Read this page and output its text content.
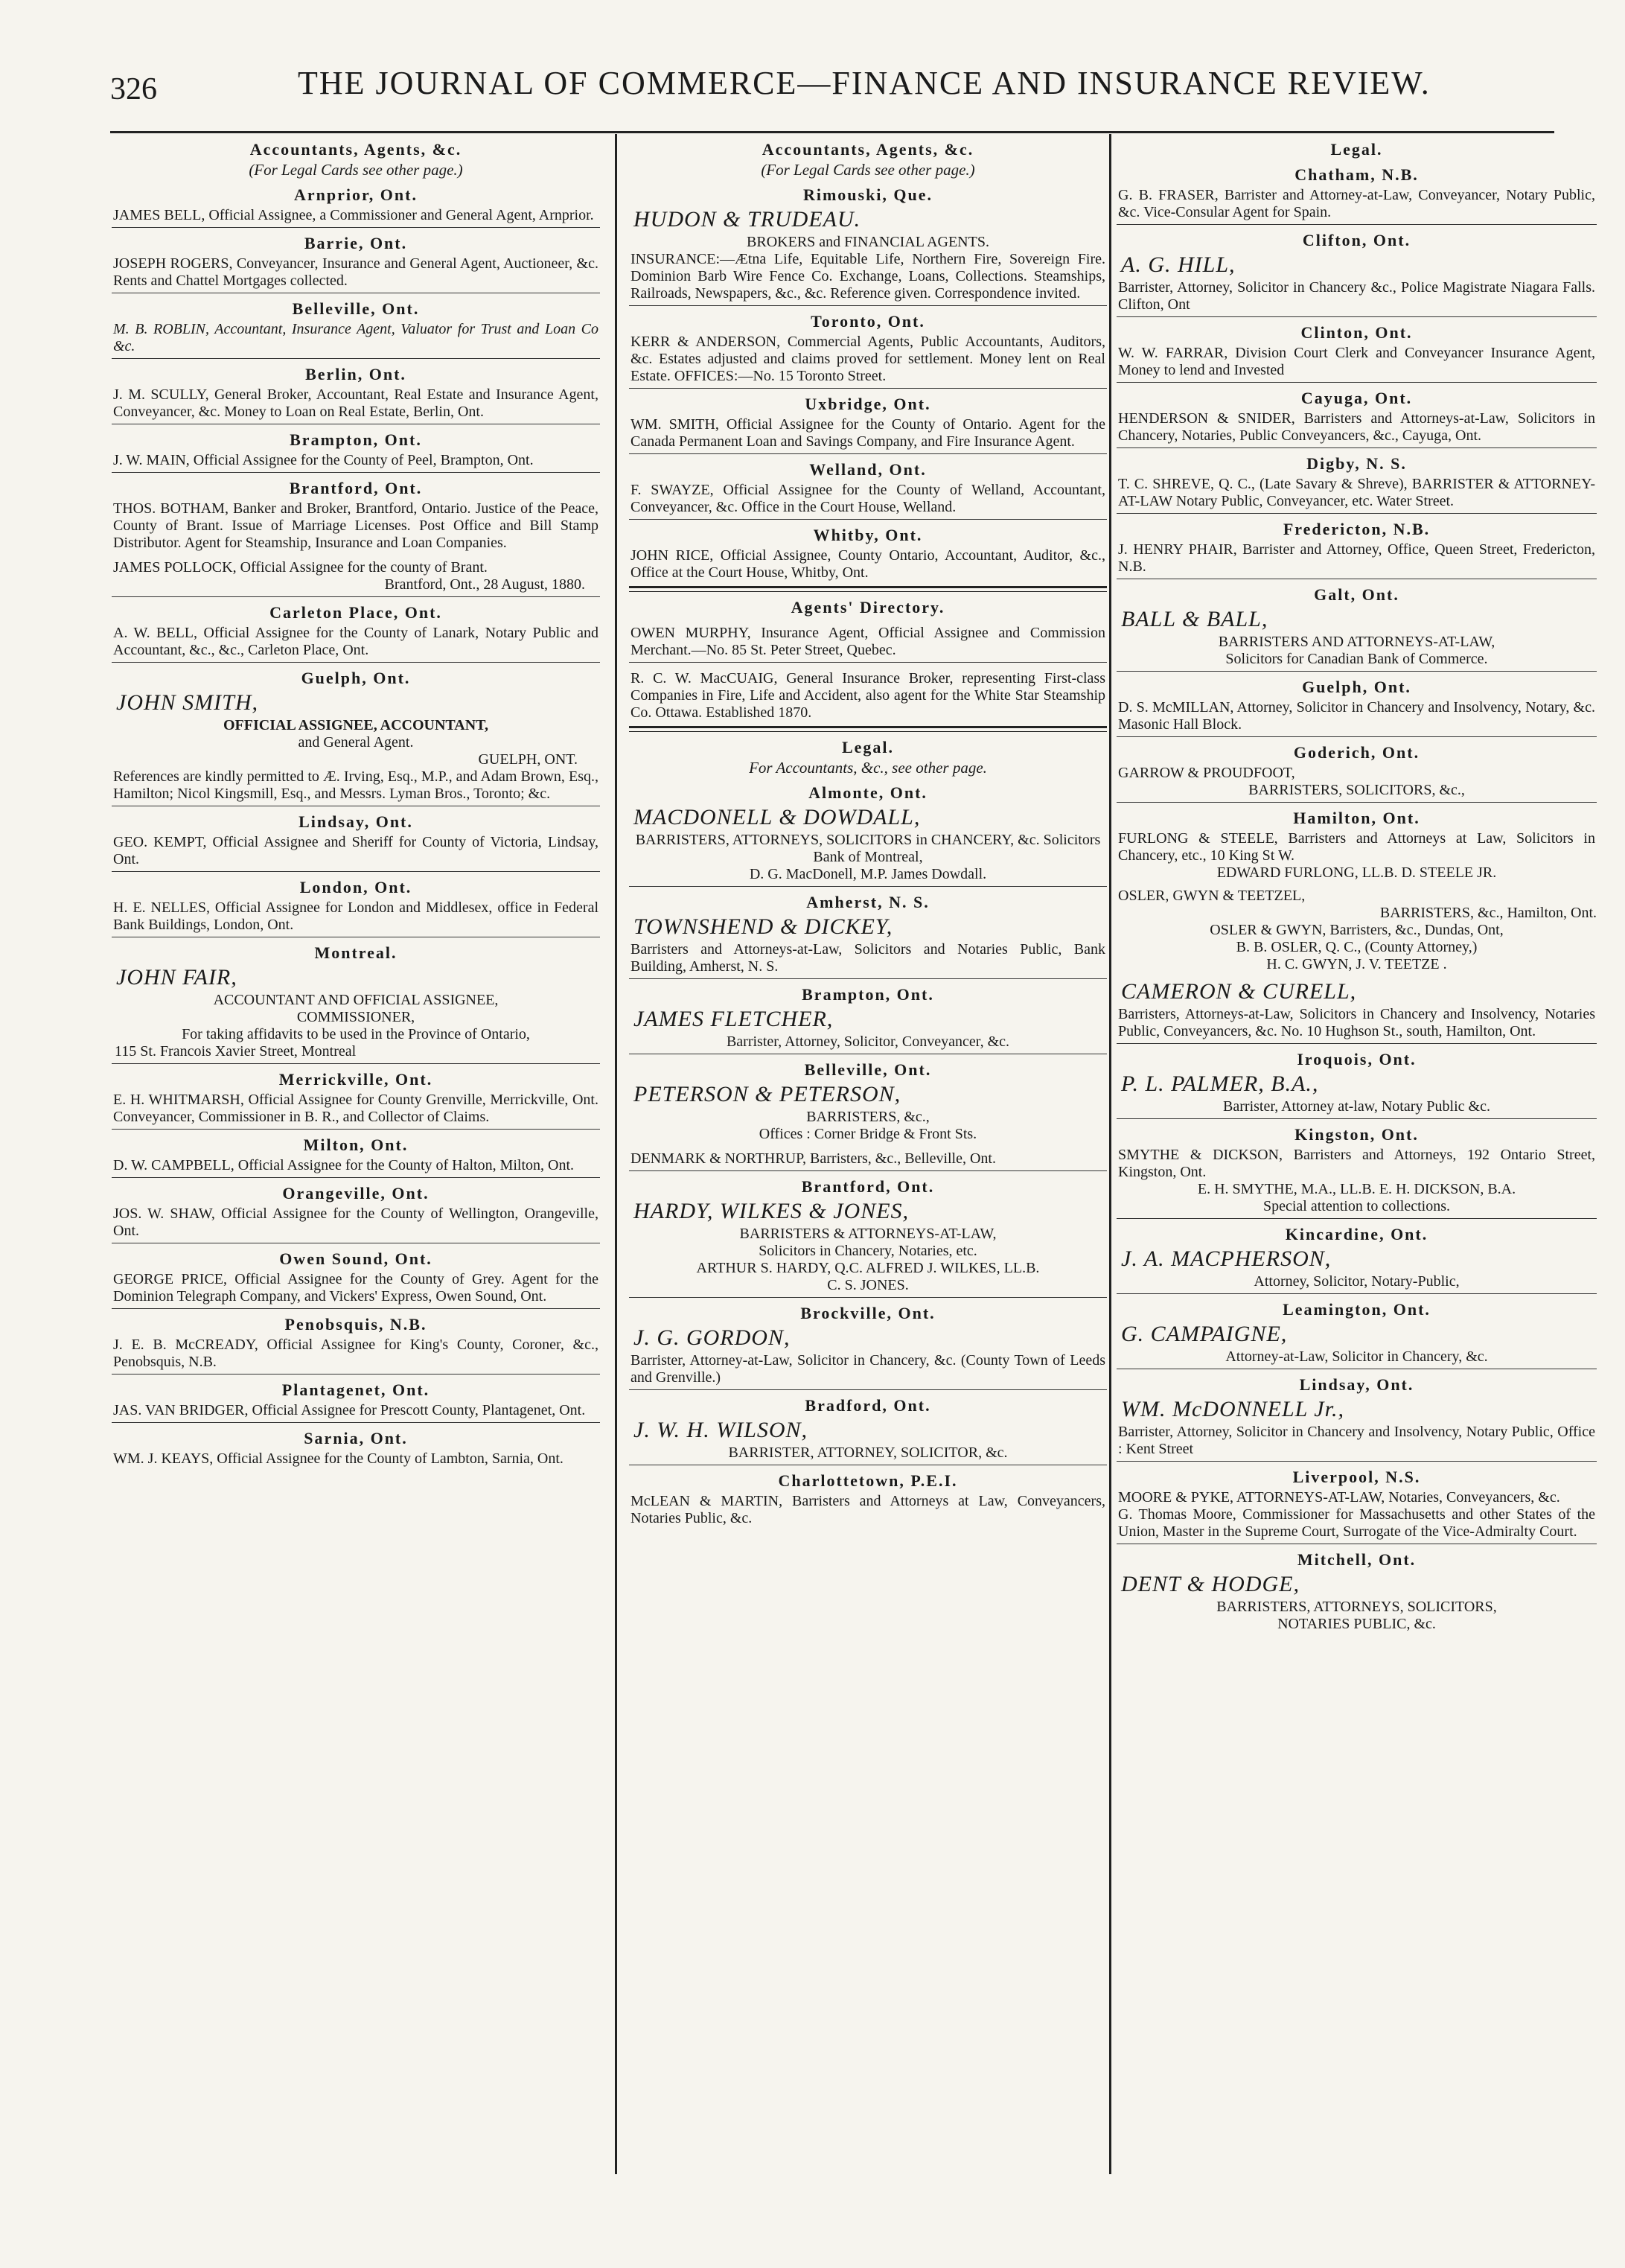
326	THE JOURNAL OF COMMERCE—FINANCE AND INSURANCE REVIEW.
Accountants, Agents, &c.
(For Legal Cards see other page.)
Arnprior, Ont.
JAMES BELL, Official Assignee, a Commissioner and General Agent, Arnprior.
Barrie, Ont.
JOSEPH ROGERS, Conveyancer, Insurance and General Agent, Auctioneer, &c. Rents and Chattel Mortgages collected.
Belleville, Ont.
M. B. ROBLIN, Accountant, Insurance Agent, Valuator for Trust and Loan Co &c.
Berlin, Ont.
J. M. SCULLY, General Broker, Accountant, Real Estate and Insurance Agent, Conveyancer, &c. Money to Loan on Real Estate, Berlin, Ont.
Brampton, Ont.
J. W. MAIN, Official Assignee for the County of Peel, Brampton, Ont.
Brantford, Ont.
THOS. BOTHAM, Banker and Broker, Brantford, Ontario. Justice of the Peace, County of Brant. Issue of Marriage Licenses. Post Office and Bill Stamp Distributor. Agent for Steamship, Insurance and Loan Companies.
JAMES POLLOCK, Official Assignee for the county of Brant.
Brantford, Ont., 28 August, 1880.
Carleton Place, Ont.
A. W. BELL, Official Assignee for the County of Lanark, Notary Public and Accountant, &c., &c., Carleton Place, Ont.
Guelph, Ont.
JOHN SMITH,
OFFICIAL ASSIGNEE, ACCOUNTANT,
and General Agent.
GUELPH, ONT.
References are kindly permitted to Æ. Irving, Esq., M.P., and Adam Brown, Esq., Hamilton; Nicol Kingsmill, Esq., and Messrs. Lyman Bros., Toronto; &c.
Lindsay, Ont.
GEO. KEMPT, Official Assignee and Sheriff for County of Victoria, Lindsay, Ont.
London, Ont.
H. E. NELLES, Official Assignee for London and Middlesex, office in Federal Bank Buildings, London, Ont.
Montreal.
JOHN FAIR,
ACCOUNTANT AND OFFICIAL ASSIGNEE,
COMMISSIONER,
For taking affidavits to be used in the Province of Ontario,
115 St. Francois Xavier Street, Montreal
Merrickville, Ont.
E. H. WHITMARSH, Official Assignee for County Grenville, Merrickville, Ont. Conveyancer, Commissioner in B. R., and Collector of Claims.
Milton, Ont.
D. W. CAMPBELL, Official Assignee for the County of Halton, Milton, Ont.
Orangeville, Ont.
JOS. W. SHAW, Official Assignee for the County of Wellington, Orangeville, Ont.
Owen Sound, Ont.
GEORGE PRICE, Official Assignee for the County of Grey. Agent for the Dominion Telegraph Company, and Vickers' Express, Owen Sound, Ont.
Penobsquis, N.B.
J. E. B. McCREADY, Official Assignee for King's County, Coroner, &c., Penobsquis, N.B.
Plantagenet, Ont.
JAS. VAN BRIDGER, Official Assignee for Prescott County, Plantagenet, Ont.
Sarnia, Ont.
WM. J. KEAYS, Official Assignee for the County of Lambton, Sarnia, Ont.
Accountants, Agents, &c.
(For Legal Cards see other page.)
Rimouski, Que.
HUDON & TRUDEAU.
BROKERS and FINANCIAL AGENTS.
INSURANCE:—Ætna Life, Equitable Life, Northern Fire, Sovereign Fire. Dominion Barb Wire Fence Co. Exchange, Loans, Collections. Steamships, Railroads, Newspapers, &c., &c. Reference given. Correspondence invited.
Toronto, Ont.
KERR & ANDERSON, Commercial Agents, Public Accountants, Auditors, &c. Estates adjusted and claims proved for settlement. Money lent on Real Estate. OFFICES:—No. 15 Toronto Street.
Uxbridge, Ont.
WM. SMITH, Official Assignee for the County of Ontario. Agent for the Canada Permanent Loan and Savings Company, and Fire Insurance Agent.
Welland, Ont.
F. SWAYZE, Official Assignee for the County of Welland, Accountant, Conveyancer, &c. Office in the Court House, Welland.
Whitby, Ont.
JOHN RICE, Official Assignee, County Ontario, Accountant, Auditor, &c., Office at the Court House, Whitby, Ont.
Agents' Directory.
OWEN MURPHY, Insurance Agent, Official Assignee and Commission Merchant.—No. 85 St. Peter Street, Quebec.
R. C. W. MacCUAIG, General Insurance Broker, representing First-class Companies in Fire, Life and Accident, also agent for the White Star Steamship Co. Ottawa. Established 1870.
Legal.
For Accountants, &c., see other page.
Almonte, Ont.
MACDONELL & DOWDALL,
BARRISTERS, ATTORNEYS, SOLICITORS in CHANCERY, &c. Solicitors Bank of Montreal,
D. G. MacDonell, M.P. James Dowdall.
Amherst, N. S.
TOWNSHEND & DICKEY,
Barristers and Attorneys-at-Law, Solicitors and Notaries Public, Bank Building, Amherst, N. S.
Brampton, Ont.
JAMES FLETCHER,
Barrister, Attorney, Solicitor, Conveyancer, &c.
Belleville, Ont.
PETERSON & PETERSON,
BARRISTERS, &c.,
Offices : Corner Bridge & Front Sts.
DENMARK & NORTHRUP, Barristers, &c., Belleville, Ont.
Brantford, Ont.
HARDY, WILKES & JONES,
BARRISTERS & ATTORNEYS-AT-LAW,
Solicitors in Chancery, Notaries, etc.
ARTHUR S. HARDY, Q.C. ALFRED J. WILKES, LL.B.
C. S. JONES.
Brockville, Ont.
J. G. GORDON,
Barrister, Attorney-at-Law, Solicitor in Chancery, &c. (County Town of Leeds and Grenville.)
Bradford, Ont.
J. W. H. WILSON,
BARRISTER, ATTORNEY, SOLICITOR, &c.
Charlottetown, P.E.I.
McLEAN & MARTIN, Barristers and Attorneys at Law, Conveyancers, Notaries Public, &c.
Legal.
Chatham, N.B.
G. B. FRASER, Barrister and Attorney-at-Law, Conveyancer, Notary Public, &c. Vice-Consular Agent for Spain.
Clifton, Ont.
A. G. HILL,
Barrister, Attorney, Solicitor in Chancery &c., Police Magistrate Niagara Falls. Clifton, Ont
Clinton, Ont.
W. W. FARRAR, Division Court Clerk and Conveyancer Insurance Agent, Money to lend and Invested
Cayuga, Ont.
HENDERSON & SNIDER, Barristers and Attorneys-at-Law, Solicitors in Chancery, Notaries, Public Conveyancers, &c., Cayuga, Ont.
Digby, N. S.
T. C. SHREVE, Q. C., (Late Savary & Shreve), BARRISTER & ATTORNEY-AT-LAW Notary Public, Conveyancer, etc. Water Street.
Fredericton, N.B.
J. HENRY PHAIR, Barrister and Attorney, Office, Queen Street, Fredericton, N.B.
Galt, Ont.
BALL & BALL,
BARRISTERS AND ATTORNEYS-AT-LAW,
Solicitors for Canadian Bank of Commerce.
Guelph, Ont.
D. S. McMILLAN, Attorney, Solicitor in Chancery and Insolvency, Notary, &c. Masonic Hall Block.
Goderich, Ont.
GARROW & PROUDFOOT,
BARRISTERS, SOLICITORS, &c.,
Hamilton, Ont.
FURLONG & STEELE, Barristers and Attorneys at Law, Solicitors in Chancery, etc., 10 King St W.
EDWARD FURLONG, LL.B. D. STEELE JR.
OSLER, GWYN & TEETZEL,
BARRISTERS, &c., Hamilton, Ont.
OSLER & GWYN, Barristers, &c., Dundas, Ont,
B. B. OSLER, Q. C., (County Attorney,)
H. C. GWYN, J. V. TEETZE .
CAMERON & CURELL,
Barristers, Attorneys-at-Law, Solicitors in Chancery and Insolvency, Notaries Public, Conveyancers, &c. No. 10 Hughson St., south, Hamilton, Ont.
Iroquois, Ont.
P. L. PALMER, B.A.,
Barrister, Attorney at-law, Notary Public &c.
Kingston, Ont.
SMYTHE & DICKSON, Barristers and Attorneys, 192 Ontario Street, Kingston, Ont.
E. H. SMYTHE, M.A., LL.B. E. H. DICKSON, B.A.
Special attention to collections.
Kincardine, Ont.
J. A. MACPHERSON,
Attorney, Solicitor, Notary-Public,
Leamington, Ont.
G. CAMPAIGNE,
Attorney-at-Law, Solicitor in Chancery, &c.
Lindsay, Ont.
WM. McDONNELL Jr.,
Barrister, Attorney, Solicitor in Chancery and Insolvency, Notary Public, Office : Kent Street
Liverpool, N.S.
MOORE & PYKE, ATTORNEYS-AT-LAW, Notaries, Conveyancers, &c.
G. Thomas Moore, Commissioner for Massachusetts and other States of the Union, Master in the Supreme Court, Surrogate of the Vice-Admiralty Court.
Mitchell, Ont.
DENT & HODGE,
BARRISTERS, ATTORNEYS, SOLICITORS,
NOTARIES PUBLIC, &c.
